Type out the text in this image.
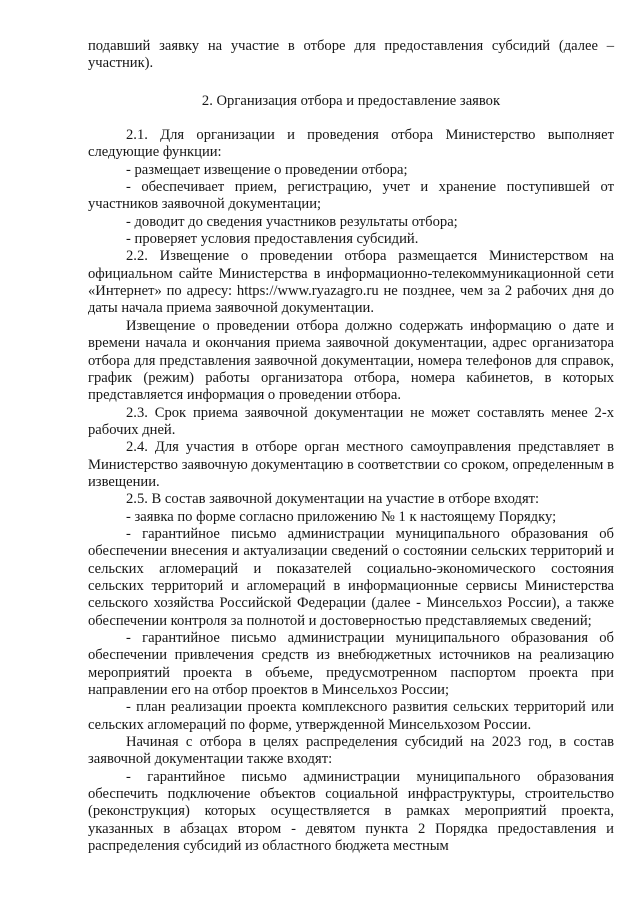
подавший заявку на участие в отборе для предоставления субсидий (далее – участник).

2. Организация отбора и предоставление заявок

2.1. Для организации и проведения отбора Министерство выполняет следующие функции:

- размещает извещение о проведении отбора;

- обеспечивает прием, регистрацию, учет и хранение поступившей от участников заявочной документации;

- доводит до сведения участников результаты отбора;

- проверяет условия предоставления субсидий.

2.2. Извещение о проведении отбора размещается Министерством на официальном сайте Министерства в информационно-телекоммуникационной сети «Интернет» по адресу: https://www.ryazagro.ru не позднее, чем за 2 рабочих дня до даты начала приема заявочной документации.

Извещение о проведении отбора должно содержать информацию о дате и времени начала и окончания приема заявочной документации, адрес организатора отбора для представления заявочной документации, номера телефонов для справок, график (режим) работы организатора отбора, номера кабинетов, в которых представляется информация о проведении отбора.

2.3. Срок приема заявочной документации не может составлять менее 2-х рабочих дней.

2.4. Для участия в отборе орган местного самоуправления представляет в Министерство заявочную документацию в соответствии со сроком, определенным в извещении.

2.5. В состав заявочной документации на участие в отборе входят:

- заявка по форме согласно приложению № 1 к настоящему Порядку;

- гарантийное письмо администрации муниципального образования об обеспечении внесения и актуализации сведений о состоянии сельских территорий и сельских агломераций и показателей социально-экономического состояния сельских территорий и агломераций в информационные сервисы Министерства сельского хозяйства Российской Федерации (далее - Минсельхоз России), а также обеспечении контроля за полнотой и достоверностью представляемых сведений;

- гарантийное письмо администрации муниципального образования об обеспечении привлечения средств из внебюджетных источников на реализацию мероприятий проекта в объеме, предусмотренном паспортом проекта при направлении его на отбор проектов в Минсельхоз России;

- план реализации проекта комплексного развития сельских территорий или сельских агломераций по форме, утвержденной Минсельхозом России.

Начиная с отбора в целях распределения субсидий на 2023 год, в состав заявочной документации также входят:

- гарантийное письмо администрации муниципального образования обеспечить подключение объектов социальной инфраструктуры, строительство (реконструкция) которых осуществляется в рамках мероприятий проекта, указанных в абзацах втором - девятом пункта 2 Порядка предоставления и распределения субсидий из областного бюджета местным
